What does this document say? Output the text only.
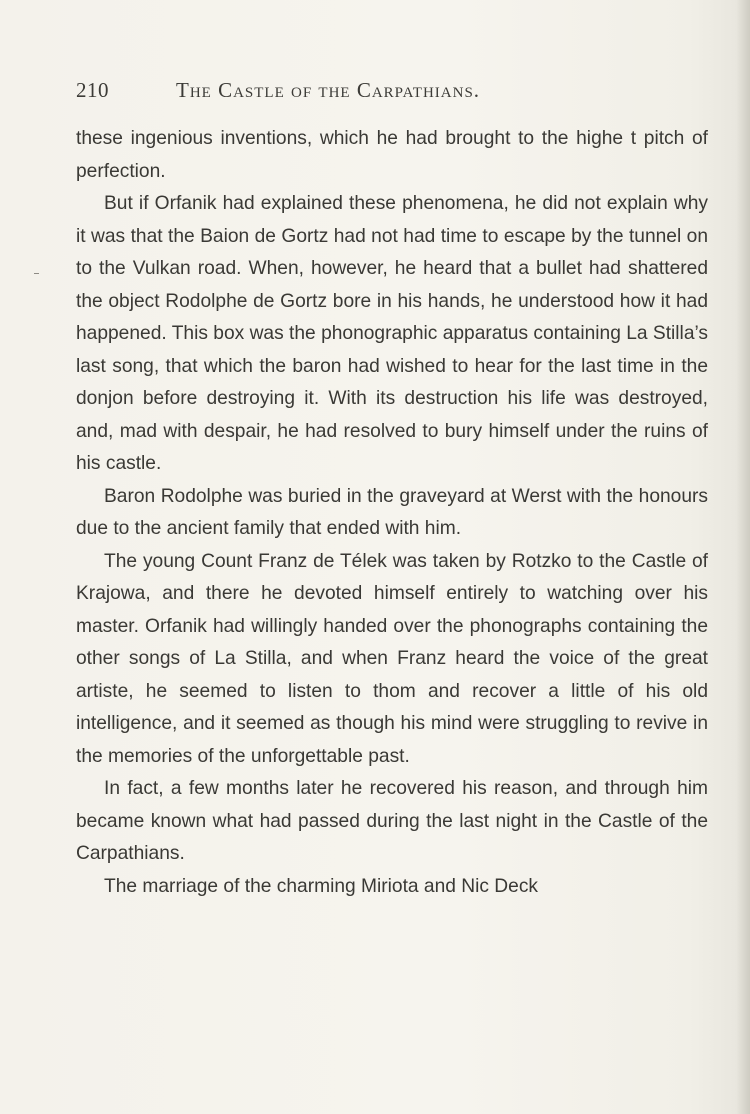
210	The Castle of the Carpathians.

these ingenious inventions, which he had brought to the highe t pitch of perfection.

But if Orfanik had explained these phenomena, he did not explain why it was that the Baion de Gortz had not had time to escape by the tunnel on to the Vulkan road. When, however, he heard that a bullet had shattered the object Rodolphe de Gortz bore in his hands, he understood how it had happened. This box was the phonographic apparatus containing La Stilla’s last song, that which the baron had wished to hear for the last time in the donjon before destroying it. With its destruction his life was destroyed, and, mad with despair, he had resolved to bury himself under the ruins of his castle.

Baron Rodolphe was buried in the graveyard at Werst with the honours due to the ancient family that ended with him.

The young Count Franz de Télek was taken by Rotzko to the Castle of Krajowa, and there he devoted himself entirely to watching over his master. Orfanik had willingly handed over the phonographs containing the other songs of La Stilla, and when Franz heard the voice of the great artiste, he seemed to listen to thom and recover a little of his old intelligence, and it seemed as though his mind were struggling to revive in the memories of the unforgettable past.

In fact, a few months later he recovered his reason, and through him became known what had passed during the last night in the Castle of the Carpathians.

The marriage of the charming Miriota and Nic Deck
